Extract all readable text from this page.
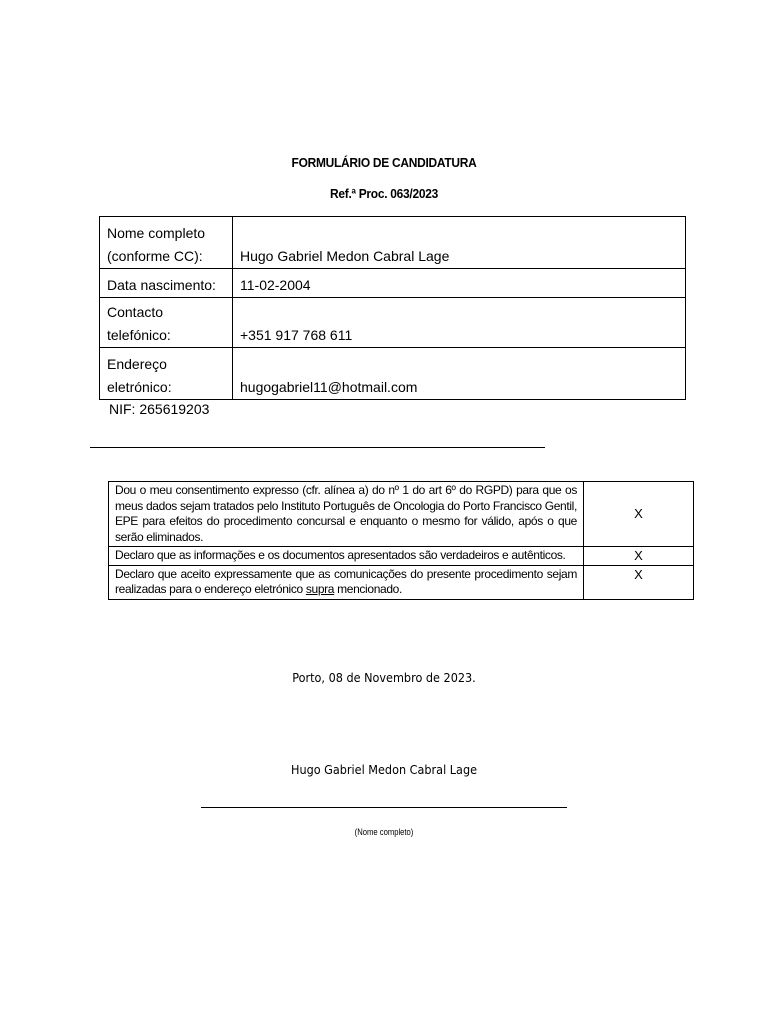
FORMULÁRIO DE CANDIDATURA
Ref.ª Proc. 063/2023
Nome completo
(conforme CC):	Hugo Gabriel Medon Cabral Lage
Data nascimento:	11-02-2004

Contacto
telefónico:	+351 917 768 611

Endereço
eletrónico:	hugogabriel11@hotmail.com
NIF: 265619203
Dou o meu consentimento expresso (cfr. alínea a) do nº 1 do art 6º do RGPD) para que os meus dados sejam tratados pelo Instituto Português de Oncologia do Porto Francisco Gentil, EPE para efeitos do procedimento concursal e enquanto o mesmo for válido, após o que serão eliminados.	X
Declaro que as informações e os documentos apresentados são verdadeiros e autênticos.	X
Declaro que aceito expressamente que as comunicações do presente procedimento sejam realizadas para o endereço eletrónico supra mencionado.	X
Porto, 08 de Novembro de 2023.
Hugo Gabriel Medon Cabral Lage
(Nome completo)
